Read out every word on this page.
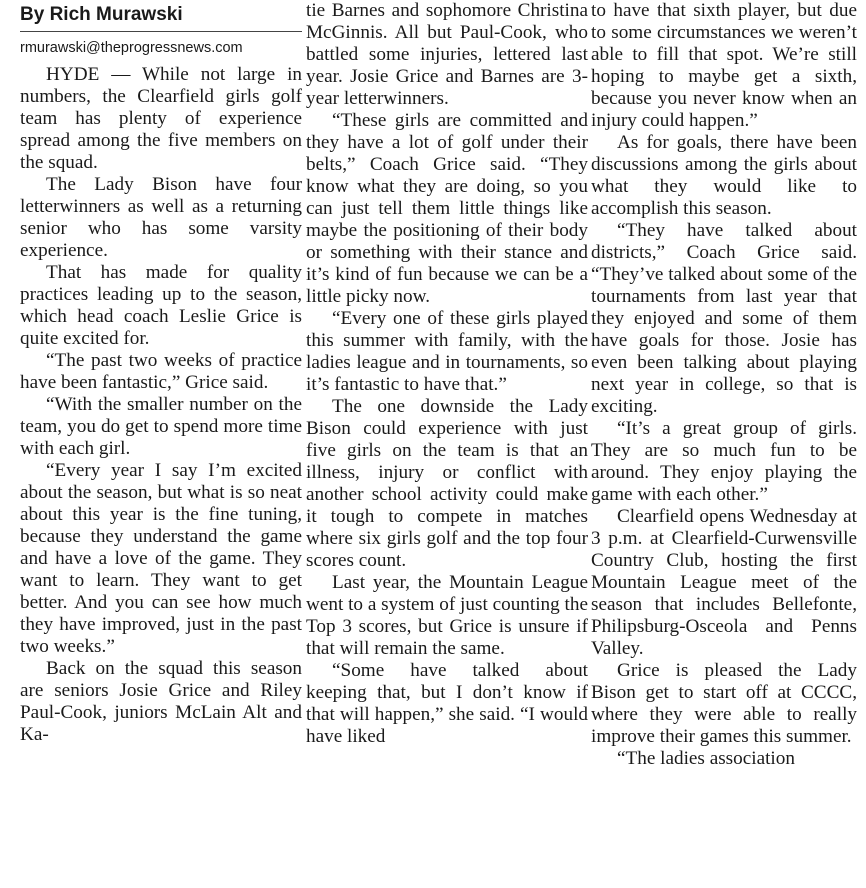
By Rich Murawski
rmurawski@theprogressnews.com

HYDE — While not large in numbers, the Clearfield girls golf team has plenty of experience spread among the five members on the squad.

The Lady Bison have four letterwinners as well as a returning senior who has some varsity experience.

That has made for quality practices leading up to the season, which head coach Leslie Grice is quite excited for.

“The past two weeks of practice have been fantastic,” Grice said.

“With the smaller number on the team, you do get to spend more time with each girl.

“Every year I say I’m excited about the season, but what is so neat about this year is the fine tuning, because they understand the game and have a love of the game. They want to learn. They want to get better. And you can see how much they have improved, just in the past two weeks.”

Back on the squad this season are seniors Josie Grice and Riley Paul-Cook, juniors McLain Alt and Ka-

tie Barnes and sophomore Christina McGinnis. All but Paul-Cook, who battled some injuries, lettered last year. Josie Grice and Barnes are 3-year letterwinners.

“These girls are committed and they have a lot of golf under their belts,” Coach Grice said. “They know what they are doing, so you can just tell them little things like maybe the positioning of their body or something with their stance and it’s kind of fun because we can be a little picky now.

“Every one of these girls played this summer with family, with the ladies league and in tournaments, so it’s fantastic to have that.”

The one downside the Lady Bison could experience with just five girls on the team is that an illness, injury or conflict with another school activity could make it tough to compete in matches where six girls golf and the top four scores count.

Last year, the Mountain League went to a system of just counting the Top 3 scores, but Grice is unsure if that will remain the same.

“Some have talked about keeping that, but I don’t know if that will happen,” she said. “I would have liked

to have that sixth player, but due to some circumstances we weren’t able to fill that spot. We’re still hoping to maybe get a sixth, because you never know when an injury could happen.”

As for goals, there have been discussions among the girls about what they would like to accomplish this season.

“They have talked about districts,” Coach Grice said. “They’ve talked about some of the tournaments from last year that they enjoyed and some of them have goals for those. Josie has even been talking about playing next year in college, so that is exciting.

“It’s a great group of girls. They are so much fun to be around. They enjoy playing the game with each other.”

Clearfield opens Wednesday at 3 p.m. at Clearfield-Curwensville Country Club, hosting the first Mountain League meet of the season that includes Bellefonte, Philipsburg-Osceola and Penns Valley.

Grice is pleased the Lady Bison get to start off at CCCC, where they were able to really improve their games this summer.

“The ladies association
